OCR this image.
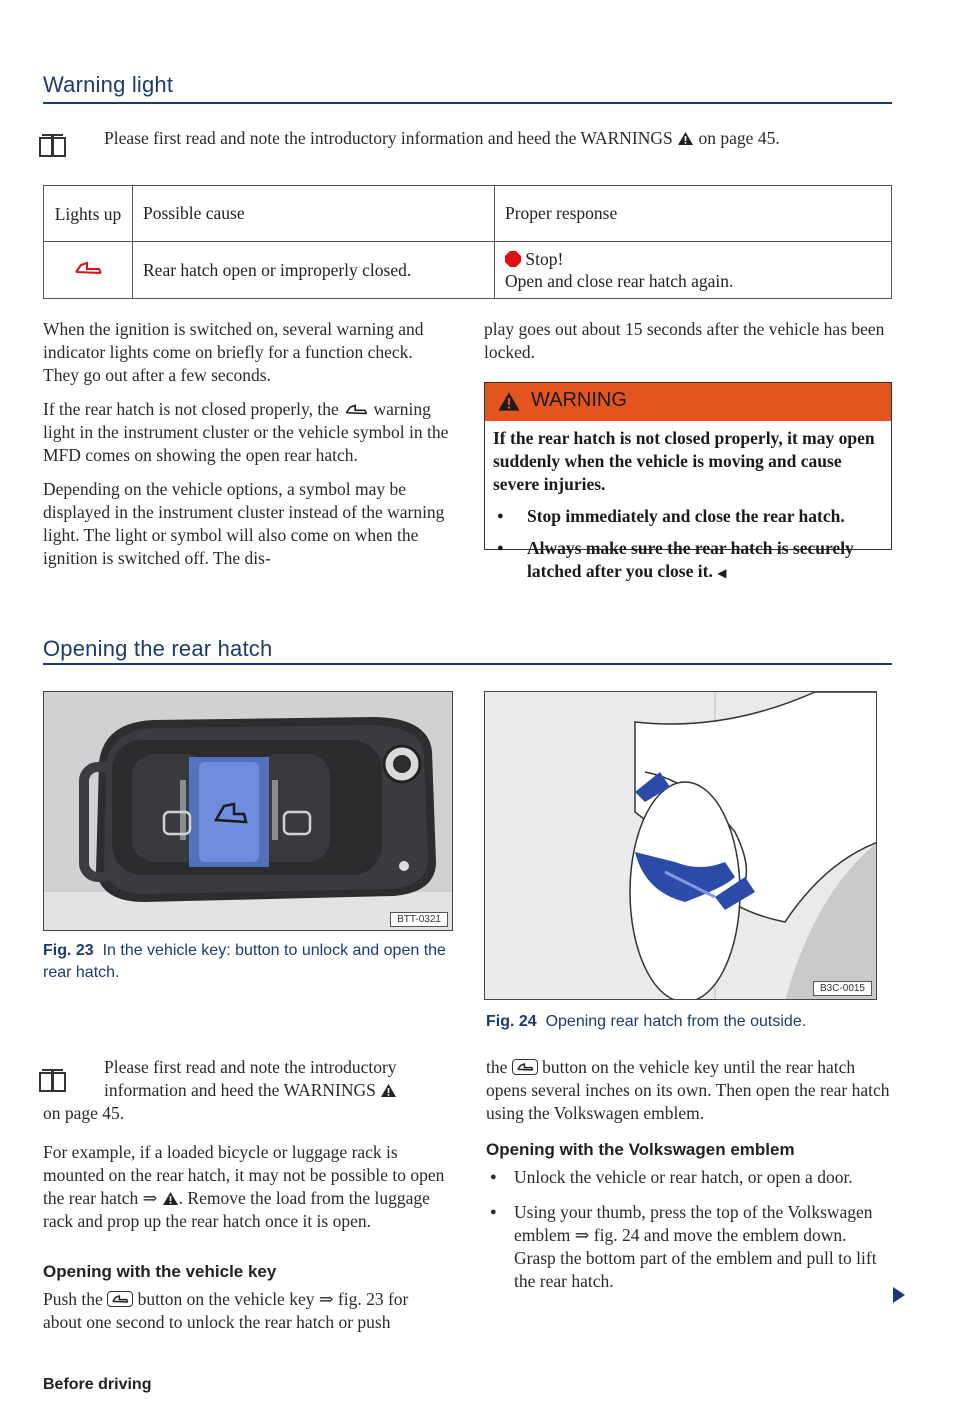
Warning light
Please first read and note the introductory information and heed the WARNINGS on page 45.
Lights up	Possible cause	Proper response
	Rear hatch open or improperly closed.	Stop!
Open and close rear hatch again.

When the ignition is switched on, several warning and indicator lights come on briefly for a function check. They go out after a few seconds.

If the rear hatch is not closed properly, the warning light in the instrument cluster or the vehicle symbol in the MFD comes on showing the open rear hatch.

Depending on the vehicle options, a symbol may be displayed in the instrument cluster instead of the warning light. The light or symbol will also come on when the ignition is switched off. The dis-

play goes out about 15 seconds after the vehicle has been locked.
WARNING

If the rear hatch is not closed properly, it may open suddenly when the vehicle is moving and cause severe injuries.

● Stop immediately and close the rear hatch.
● Always make sure the rear hatch is securely latched after you close it. ◀
Opening the rear hatch
BTT-0321
Fig. 23 In the vehicle key: button to unlock and open the rear hatch.
B3C-0015
Fig. 24 Opening rear hatch from the outside.
Please first read and note the introductory information and heed the WARNINGS
on page 45.
For example, if a loaded bicycle or luggage rack is mounted on the rear hatch, it may not be possible to open the rear hatch ⇒ . Remove the load from the luggage rack and prop up the rear hatch once it is open.
Opening with the vehicle key
Push the button on the vehicle key ⇒ fig. 23 for about one second to unlock the rear hatch or push
the button on the vehicle key until the rear hatch opens several inches on its own. Then open the rear hatch using the Volkswagen emblem.
Opening with the Volkswagen emblem
● Unlock the vehicle or rear hatch, or open a door.
● Using your thumb, press the top of the Volkswagen emblem ⇒ fig. 24 and move the emblem down. Grasp the bottom part of the emblem and pull to lift the rear hatch.
Before driving
